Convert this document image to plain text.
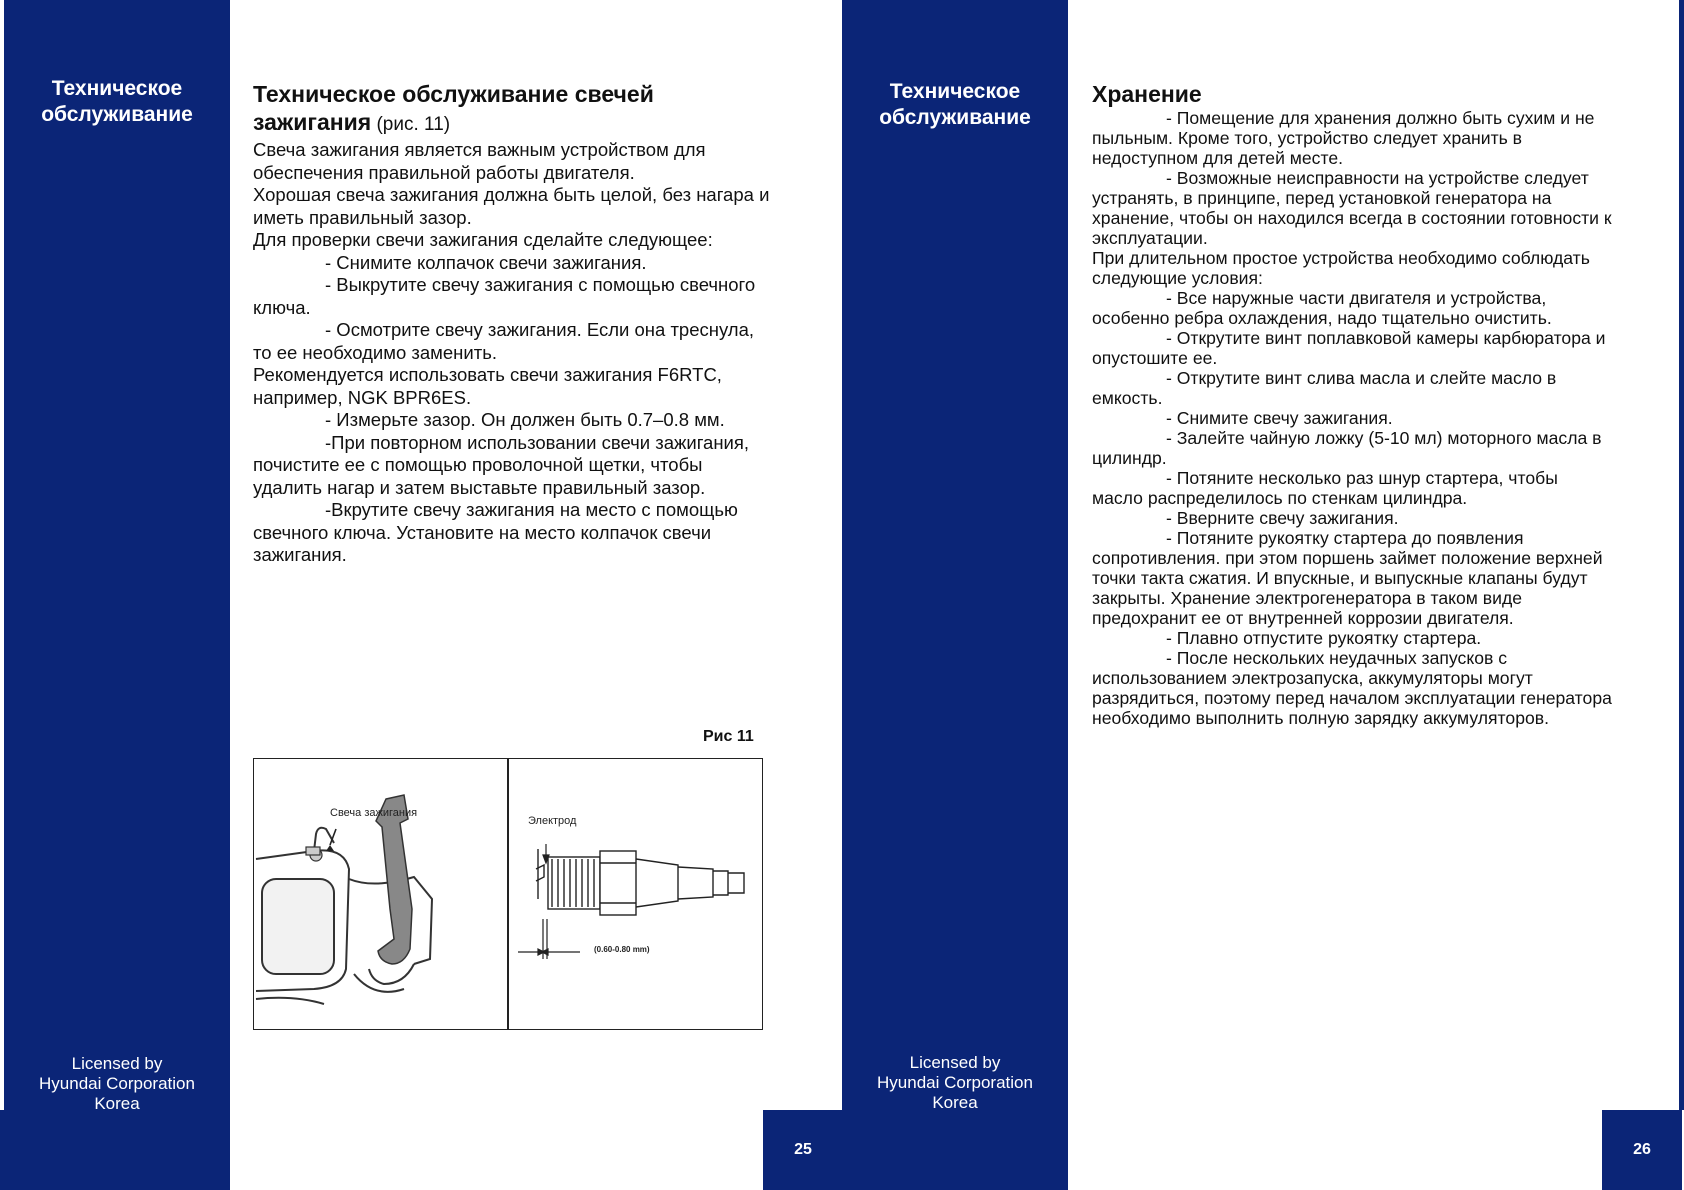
Техническое
обслуживание
Licensed by
Hyundai Corporation
Korea
Техническое обслуживание свечей
зажигания (рис. 11)

Свеча зажигания является важным устройством для обеспечения правильной работы двигателя.

Хорошая свеча зажигания должна быть целой, без нагара и иметь правильный зазор.

Для проверки свечи зажигания сделайте следующее:

- Снимите колпачок свечи зажигания.

- Выкрутите свечу зажигания с помощью свечного ключа.

- Осмотрите свечу зажигания. Если она треснула, то ее необходимо заменить.

Рекомендуется использовать свечи зажигания F6RTC, например, NGK BPR6ES.

- Измерьте зазор. Он должен быть 0.7–0.8 мм.

-При повторном использовании свечи зажигания, почистите ее с помощью проволочной щетки, чтобы удалить нагар и затем выставьте правильный зазор.

-Вкрутите свечу зажигания на место с помощью свечного ключа. Установите на место колпачок свечи зажигания.

Рис 11
Свеча зажигания
Электрод
(0.60-0.80 mm)
25
Техническое
обслуживание
Licensed by
Hyundai Corporation
Korea
Хранение

- Помещение для хранения должно быть сухим и не пыльным. Кроме того, устройство следует хранить в недоступном для детей месте.

- Возможные неисправности на устройстве следует устранять, в принципе, перед установкой генератора на хранение, чтобы он находился всегда в состоянии готовности к эксплуатации.

При длительном простое устройства необходимо соблюдать следующие условия:

- Все наружные части двигателя и устройства, особенно ребра охлаждения, надо тщательно очистить.

- Открутите винт поплавковой камеры карбюратора и опустошите ее.

- Открутите винт слива масла и слейте масло в емкость.

- Снимите свечу зажигания.

- Залейте чайную ложку (5-10 мл) моторного масла в цилиндр.

- Потяните несколько раз шнур стартера, чтобы масло распределилось по стенкам цилиндра.

- Вверните свечу зажигания.

- Потяните рукоятку стартера до появления сопротивления. при этом поршень займет положение верхней точки такта сжатия. И впускные, и выпускные клапаны будут закрыты. Хранение электрогенератора в таком виде предохранит ее от внутренней коррозии двигателя.

- Плавно отпустите рукоятку стартера.

- После нескольких неудачных запусков с использованием электрозапуска, аккумуляторы могут разрядиться, поэтому перед началом эксплуатации генератора необходимо выполнить полную зарядку аккумуляторов.

26
